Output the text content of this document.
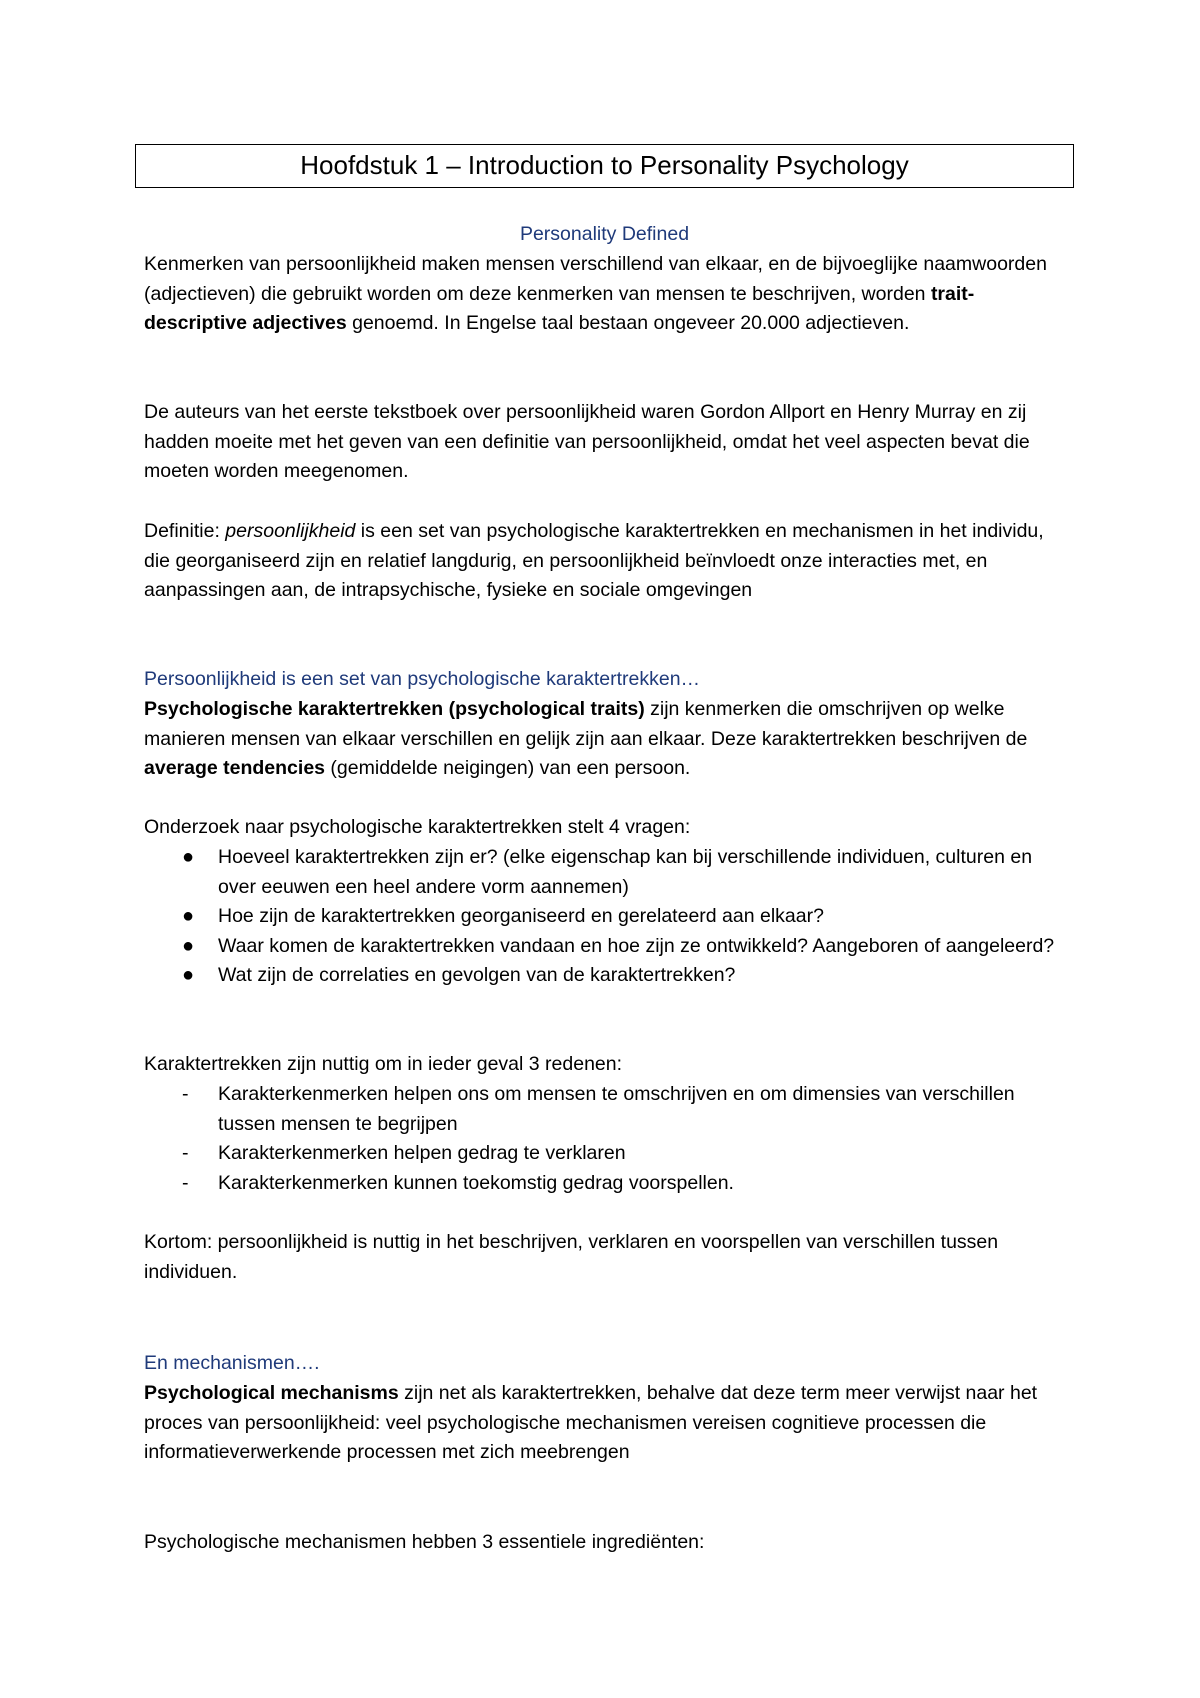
Hoofdstuk 1 – Introduction to Personality Psychology

Personality Defined

Kenmerken van persoonlijkheid maken mensen verschillend van elkaar, en de bijvoeglijke naamwoorden (adjectieven) die gebruikt worden om deze kenmerken van mensen te beschrijven, worden trait-descriptive adjectives genoemd. In Engelse taal bestaan ongeveer 20.000 adjectieven.

De auteurs van het eerste tekstboek over persoonlijkheid waren Gordon Allport en Henry Murray en zij hadden moeite met het geven van een definitie van persoonlijkheid, omdat het veel aspecten bevat die moeten worden meegenomen.

Definitie: persoonlijkheid is een set van psychologische karaktertrekken en mechanismen in het individu, die georganiseerd zijn en relatief langdurig, en persoonlijkheid beïnvloedt onze interacties met, en aanpassingen aan, de intrapsychische, fysieke en sociale omgevingen

Persoonlijkheid is een set van psychologische karaktertrekken…

Psychologische karaktertrekken (psychological traits) zijn kenmerken die omschrijven op welke manieren mensen van elkaar verschillen en gelijk zijn aan elkaar. Deze karaktertrekken beschrijven de average tendencies (gemiddelde neigingen) van een persoon.

Onderzoek naar psychologische karaktertrekken stelt 4 vragen:

● Hoeveel karaktertrekken zijn er? (elke eigenschap kan bij verschillende individuen, culturen en over eeuwen een heel andere vorm aannemen)
● Hoe zijn de karaktertrekken georganiseerd en gerelateerd aan elkaar?
● Waar komen de karaktertrekken vandaan en hoe zijn ze ontwikkeld? Aangeboren of aangeleerd?
● Wat zijn de correlaties en gevolgen van de karaktertrekken?

Karaktertrekken zijn nuttig om in ieder geval 3 redenen:

- Karakterkenmerken helpen ons om mensen te omschrijven en om dimensies van verschillen tussen mensen te begrijpen
- Karakterkenmerken helpen gedrag te verklaren
- Karakterkenmerken kunnen toekomstig gedrag voorspellen.

Kortom: persoonlijkheid is nuttig in het beschrijven, verklaren en voorspellen van verschillen tussen individuen.

En mechanismen….

Psychological mechanisms zijn net als karaktertrekken, behalve dat deze term meer verwijst naar het proces van persoonlijkheid: veel psychologische mechanismen vereisen cognitieve processen die informatieverwerkende processen met zich meebrengen

Psychologische mechanismen hebben 3 essentiele ingrediënten:
